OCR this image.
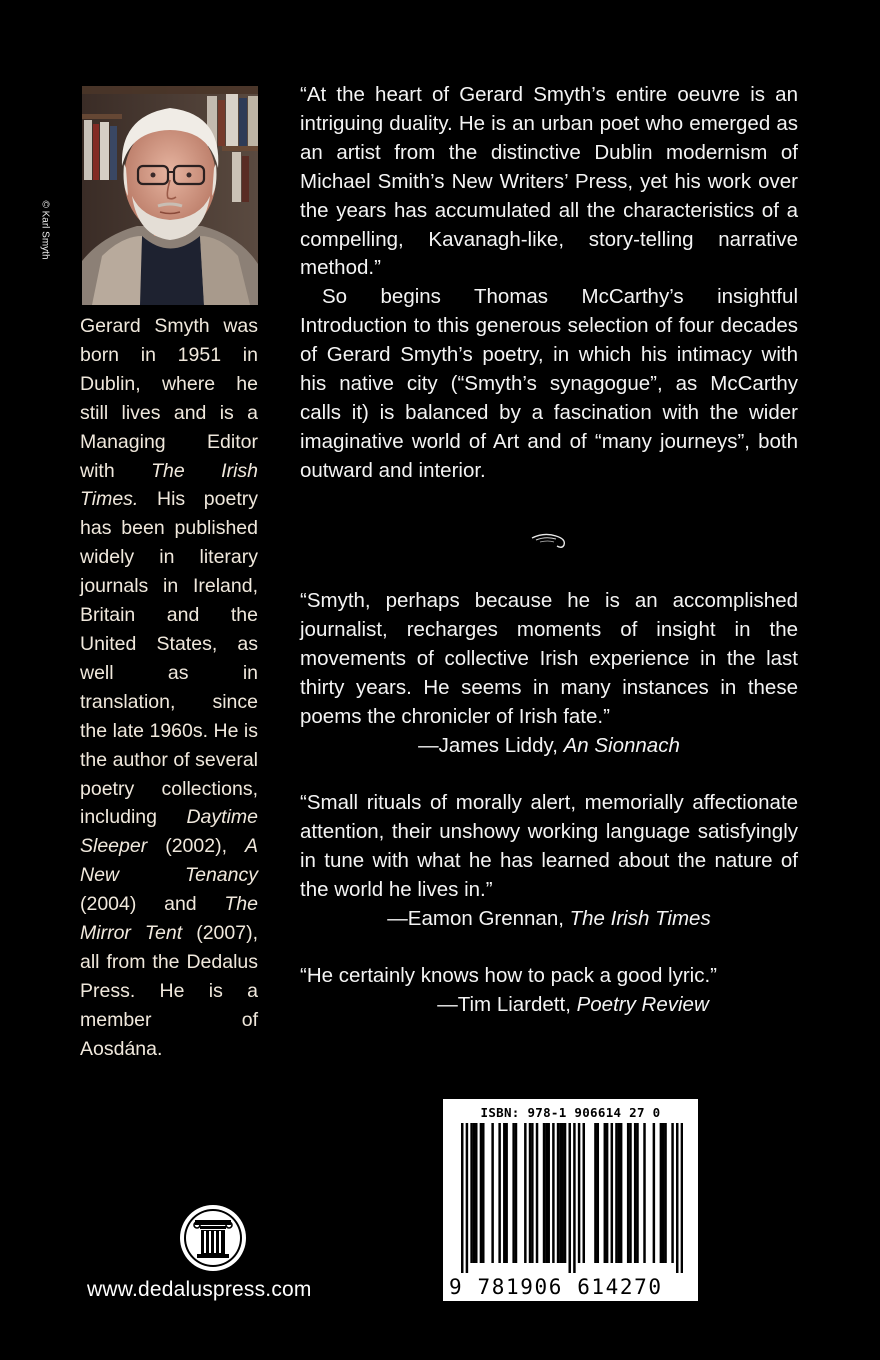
© Karl Smyth
Gerard Smyth was born in 1951 in Dublin, where he still lives and is a Managing Editor with The Irish Times. His poetry has been published widely in literary journals in Ireland, Britain and the United States, as well as in translation, since the late 1960s. He is the author of several poetry collections, including Daytime Sleeper (2002), A New Tenancy (2004) and The Mirror Tent (2007), all from the Dedalus Press. He is a member of Aosdána.

“At the heart of Gerard Smyth’s entire oeuvre is an intriguing duality. He is an urban poet who emerged as an artist from the distinctive Dublin modernism of Michael Smith’s New Writers’ Press, yet his work over the years has accumulated all the characteristics of a compelling, Kavanagh-like, story-telling narrative method.”

So begins Thomas McCarthy’s insightful Introduction to this generous selection of four decades of Gerard Smyth’s poetry, in which his intimacy with his native city (“Smyth’s synagogue”, as McCarthy calls it) is balanced by a fascination with the wider imaginative world of Art and of “many journeys”, both outward and interior.

“Smyth, perhaps because he is an accomplished journalist, recharges moments of insight in the movements of collective Irish experience in the last thirty years. He seems in many instances in these poems the chronicler of Irish fate.”

—James Liddy, An Sionnach

“Small rituals of morally alert, memorially affectionate attention, their unshowy working language satisfyingly in tune with what he has learned about the nature of the world he lives in.”

—Eamon Grennan, The Irish Times

“He certainly knows how to pack a good lyric.”

—Tim Liardett, Poetry Review
www.dedaluspress.com
ISBN: 978-1 906614 27 0
9 781906 614270
